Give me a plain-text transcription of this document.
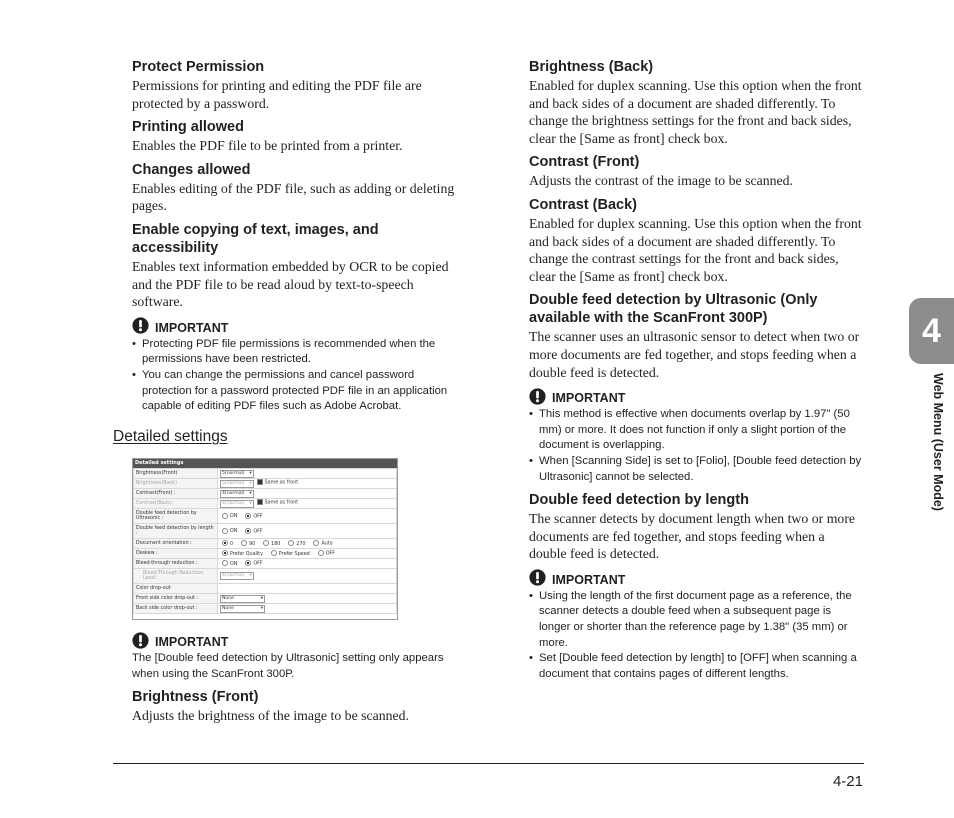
Protect Permission

Permissions for printing and editing the PDF file are protected by a password.

Printing allowed

Enables the PDF file to be printed from a printer.

Changes allowed

Enables editing of the PDF file, such as adding or deleting pages.

Enable copying of text, images, and accessibility

Enables text information embedded by OCR to be copied and the PDF file to be read aloud by text-to-speech software.

IMPORTANT
• Protecting PDF file permissions is recommended when the permissions have been restricted.
• You can change the permissions and cancel password protection for a password protected PDF file in an application capable of editing PDF files such as Adobe Acrobat.
Detailed settings
Detailed settings
Brightness(Front)	5(normal) ▾
Brightness(Back)	5(normal) ▾ Same as front
Contrast(Front) :	4(normal) ▾
Contrast(Back)	4(normal) ▾ Same as front
Double feed detection by Ultrasonic :	ON OFF
Double feed detection by length :	ON OFF
Document orientation :	0 90 180 270 Auto
Deskew :	Prefer Quality Prefer Speed OFF
Bleed-through reduction :	ON OFF
Bleed-Through Reduction Level :	4(normal) ▾
Color drop-out	
Front side color drop-out :	None ▾
Back side color drop-out :	None ▾
IMPORTANT

The [Double feed detection by Ultrasonic] setting only appears when using the ScanFront 300P.

Brightness (Front)

Adjusts the brightness of the image to be scanned.

Brightness (Back)

Enabled for duplex scanning. Use this option when the front and back sides of a document are shaded differently. To change the brightness settings for the front and back sides, clear the [Same as front] check box.

Contrast (Front)

Adjusts the contrast of the image to be scanned.

Contrast (Back)

Enabled for duplex scanning. Use this option when the front and back sides of a document are shaded differently. To change the contrast settings for the front and back sides, clear the [Same as front] check box.

Double feed detection by Ultrasonic (Only available with the ScanFront 300P)

The scanner uses an ultrasonic sensor to detect when two or more documents are fed together, and stops feeding when a double feed is detected.

IMPORTANT
• This method is effective when documents overlap by 1.97" (50 mm) or more. It does not function if only a slight portion of the document is overlapping.
• When [Scanning Side] is set to [Folio], [Double feed detection by Ultrasonic] cannot be selected.
Double feed detection by length

The scanner detects by document length when two or more documents are fed together, and stops feeding when a double feed is detected.

IMPORTANT
• Using the length of the first document page as a reference, the scanner detects a double feed when a subsequent page is longer or shorter than the reference page by 1.38" (35 mm) or more.
• Set [Double feed detection by length] to [OFF] when scanning a document that contains pages of different lengths.
4
Web Menu (User Mode)
4-21
